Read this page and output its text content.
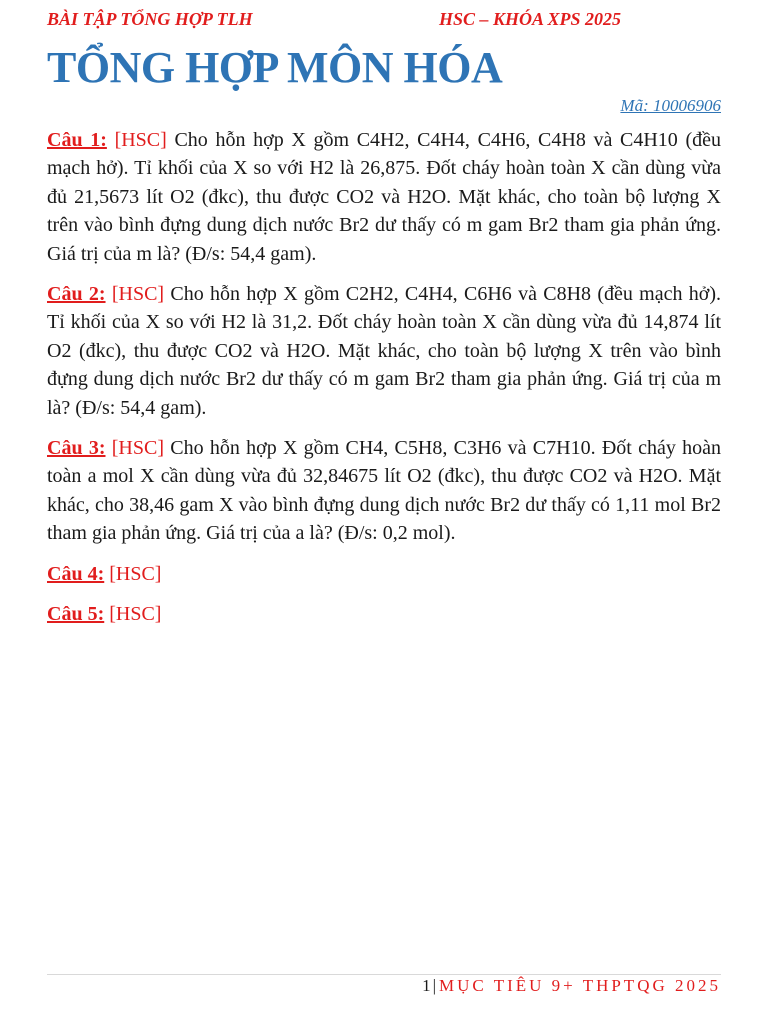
BÀI TẬP TỔNG HỢP TLH	HSC – KHÓA XPS 2025
TỔNG HỢP MÔN HÓA
Mã: 10006906

Câu 1: [HSC] Cho hỗn hợp X gồm C4H2, C4H4, C4H6, C4H8 và C4H10 (đều mạch hở). Tỉ khối của X so với H2 là 26,875. Đốt cháy hoàn toàn X cần dùng vừa đủ 21,5673 lít O2 (đkc), thu được CO2 và H2O. Mặt khác, cho toàn bộ lượng X trên vào bình đựng dung dịch nước Br2 dư thấy có m gam Br2 tham gia phản ứng. Giá trị của m là? (Đ/s: 54,4 gam).

Câu 2: [HSC] Cho hỗn hợp X gồm C2H2, C4H4, C6H6 và C8H8 (đều mạch hở). Tỉ khối của X so với H2 là 31,2. Đốt cháy hoàn toàn X cần dùng vừa đủ 14,874 lít O2 (đkc), thu được CO2 và H2O. Mặt khác, cho toàn bộ lượng X trên vào bình đựng dung dịch nước Br2 dư thấy có m gam Br2 tham gia phản ứng. Giá trị của m là? (Đ/s: 54,4 gam).

Câu 3: [HSC] Cho hỗn hợp X gồm CH4, C5H8, C3H6 và C7H10. Đốt cháy hoàn toàn a mol X cần dùng vừa đủ 32,84675 lít O2 (đkc), thu được CO2 và H2O. Mặt khác, cho 38,46 gam X vào bình đựng dung dịch nước Br2 dư thấy có 1,11 mol Br2 tham gia phản ứng. Giá trị của a là? (Đ/s: 0,2 mol).

Câu 4: [HSC]

Câu 5: [HSC]

1 | MỤC TIÊU 9+ THPTQG 2025
